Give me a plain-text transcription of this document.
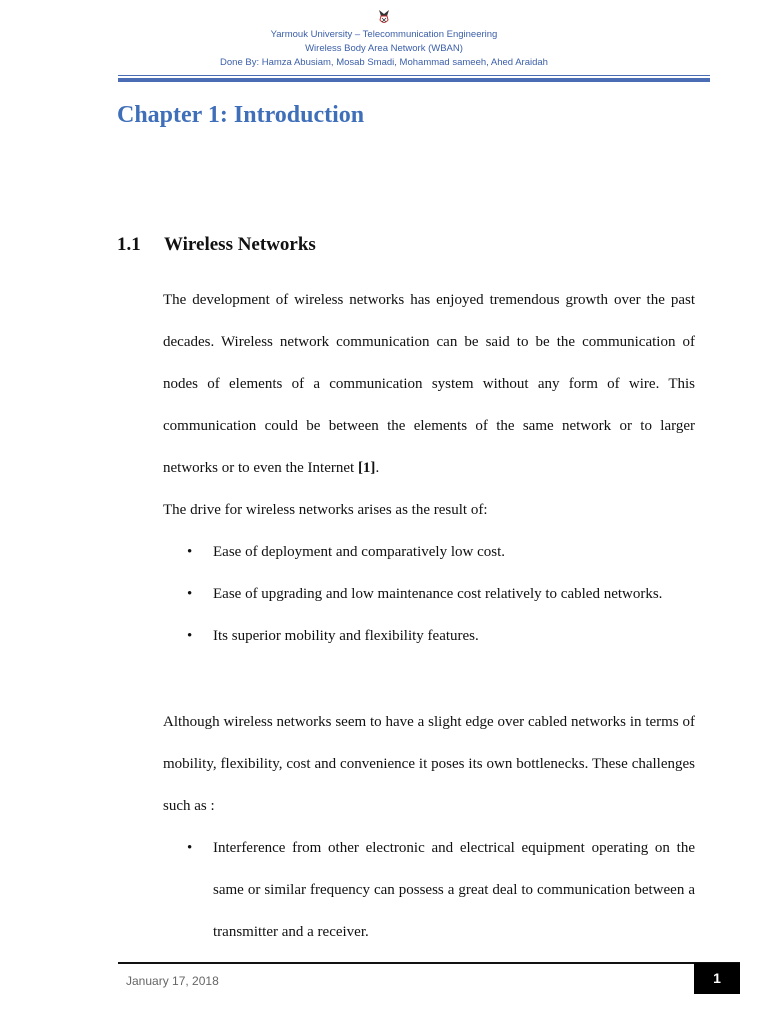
Yarmouk University – Telecommunication Engineering
Wireless Body Area Network (WBAN)
Done By: Hamza Abusiam, Mosab Smadi, Mohammad sameeh, Ahed Araidah
Chapter 1: Introduction
1.1 Wireless Networks

The development of wireless networks has enjoyed tremendous growth over the past decades. Wireless network communication can be said to be the communication of nodes of elements of a communication system without any form of wire. This communication could be between the elements of the same network or to larger networks or to even the Internet [1].

The drive for wireless networks arises as the result of:

• Ease of deployment and comparatively low cost.

• Ease of upgrading and low maintenance cost relatively to cabled networks.

• Its superior mobility and flexibility features.

Although wireless networks seem to have a slight edge over cabled networks in terms of mobility, flexibility, cost and convenience it poses its own bottlenecks. These challenges such as :

• Interference from other electronic and electrical equipment operating on the same or similar frequency can possess a great deal to communication between a transmitter and a receiver.

January 17, 2018	1
